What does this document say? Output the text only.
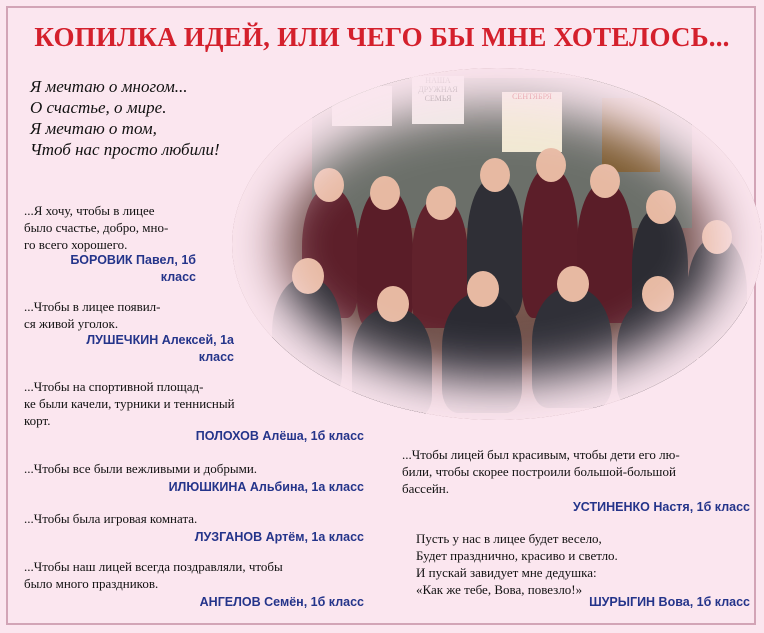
КОПИЛКА ИДЕЙ, ИЛИ ЧЕГО БЫ МНЕ ХОТЕЛОСЬ...
Я мечтаю о многом...
О счастье, о мире.
Я мечтаю о том,
Чтоб нас просто любили!
НАША ДРУЖНАЯ СЕМЬЯ	СЕНТЯБРЯ
...Я хочу, чтобы в лицее
было счастье, добро, мно-
го всего хорошего.
БОРОВИК Павел, 1б
класс
...Чтобы в лицее появил-
ся живой уголок.
ЛУШЕЧКИН Алексей, 1а
класс
...Чтобы на спортивной площад-
ке были качели, турники и теннисный
корт.
ПОЛОХОВ Алёша, 1б класс
...Чтобы все были вежливыми и добрыми.
ИЛЮШКИНА Альбина, 1а класс
...Чтобы была игровая комната.
ЛУЗГАНОВ Артём, 1а класс
...Чтобы наш лицей всегда поздравляли, чтобы
было много праздников.
АНГЕЛОВ Семён, 1б класс
...Чтобы лицей был красивым, чтобы дети его лю-
били, чтобы скорее построили большой-большой
бассейн.
УСТИНЕНКО Настя, 1б класс
Пусть у нас в лицее будет весело,
Будет празднично, красиво и светло.
И пускай завидует мне дедушка:
«Как же тебе, Вова, повезло!»
ШУРЫГИН Вова, 1б класс
